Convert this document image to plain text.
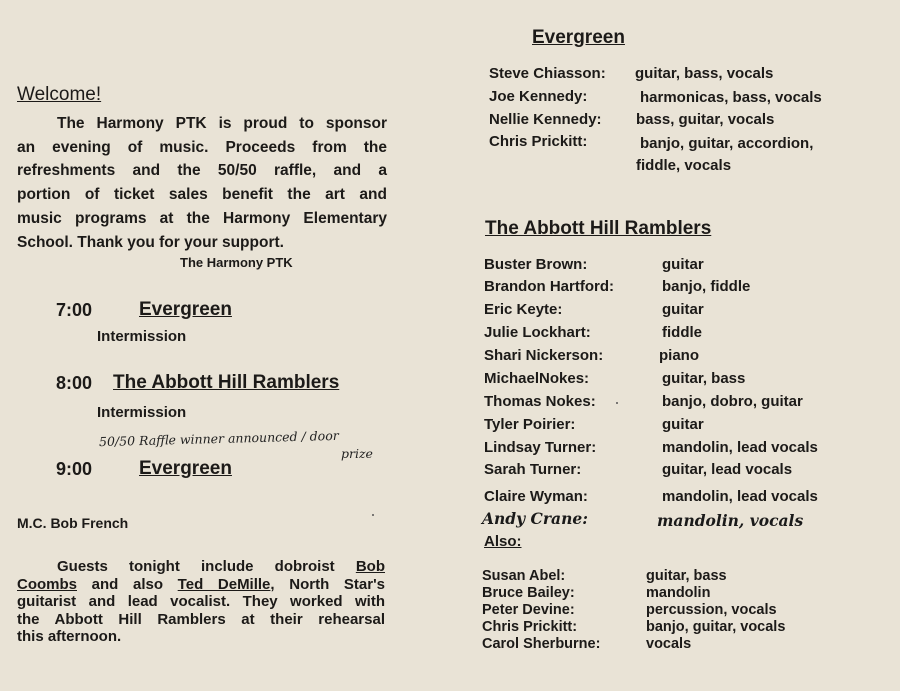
Welcome!
The Harmony PTK is proud to sponsor
an evening of music. Proceeds from the
refreshments and the 50/50 raffle, and a
portion of ticket sales benefit the art and
music programs at the Harmony Elementary
School. Thank you for your support.
The Harmony PTK
7:00 Evergreen
Intermission
8:00 The Abbott Hill Ramblers
Intermission
50/50 Raffle winner announced / door
prize
9:00 Evergreen
M.C. Bob French
Guests tonight include dobroist Bob
Coombs and also Ted DeMille, North Star's
guitarist and lead vocalist. They worked with
the Abbott Hill Ramblers at their rehearsal
this afternoon.
Evergreen
Steve Chiasson: guitar, bass, vocals
Joe Kennedy:	harmonicas, bass, vocals
Nellie Kennedy: bass, guitar, vocals
Chris Prickitt:	banjo, guitar, accordion,
fiddle, vocals
The Abbott Hill Ramblers
Buster Brown:	guitar
Brandon Hartford:	banjo, fiddle
Eric Keyte:	guitar
Julie Lockhart:	fiddle
Shari Nickerson:	piano
MichaelNokes:	guitar, bass
Thomas Nokes:	banjo, dobro, guitar
Tyler Poirier:	guitar
Lindsay Turner:	mandolin, lead vocals
Sarah Turner:	guitar, lead vocals
Claire Wyman:	mandolin, lead vocals
Andy Crane:	mandolin, vocals
Also:
Susan Abel:	guitar, bass
Bruce Bailey:	mandolin
Peter Devine:	percussion, vocals
Chris Prickitt:	banjo, guitar, vocals
Carol Sherburne:	vocals
